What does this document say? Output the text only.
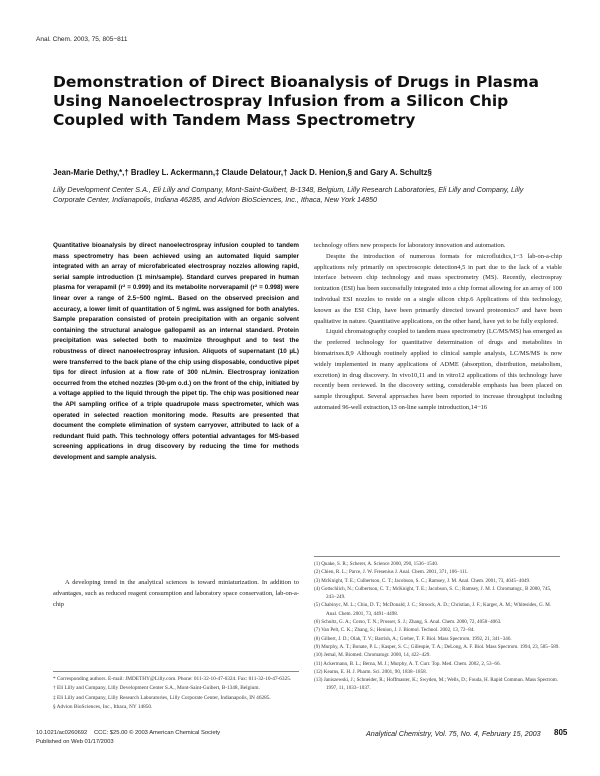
Anal. Chem. 2003, 75, 805−811
Demonstration of Direct Bioanalysis of Drugs in Plasma Using Nanoelectrospray Infusion from a Silicon Chip Coupled with Tandem Mass Spectrometry
Jean-Marie Dethy,*,† Bradley L. Ackermann,‡ Claude Delatour,† Jack D. Henion,§ and Gary A. Schultz§
Lilly Development Center S.A., Eli Lilly and Company, Mont-Saint-Guibert, B-1348, Belgium, Lilly Research Laboratories, Eli Lilly and Company, Lilly Corporate Center, Indianapolis, Indiana 46285, and Advion BioSciences, Inc., Ithaca, New York 14850
Quantitative bioanalysis by direct nanoelectrospray infusion coupled to tandem mass spectrometry has been achieved using an automated liquid sampler integrated with an array of microfabricated electrospray nozzles allowing rapid, serial sample introduction (1 min/sample). Standard curves prepared in human plasma for verapamil (r² = 0.999) and its metabolite norverapamil (r² = 0.998) were linear over a range of 2.5−500 ng/mL. Based on the observed precision and accuracy, a lower limit of quantitation of 5 ng/mL was assigned for both analytes. Sample preparation consisted of protein precipitation with an organic solvent containing the structural analogue gallopamil as an internal standard. Protein precipitation was selected both to maximize throughput and to test the robustness of direct nanoelectrospray infusion. Aliquots of supernatant (10 µL) were transferred to the back plane of the chip using disposable, conductive pipet tips for direct infusion at a flow rate of 300 nL/min. Electrospray ionization occurred from the etched nozzles (30-µm o.d.) on the front of the chip, initiated by a voltage applied to the liquid through the pipet tip. The chip was positioned near the API sampling orifice of a triple quadrupole mass spectrometer, which was operated in selected reaction monitoring mode. Results are presented that document the complete elimination of system carryover, attributed to lack of a redundant fluid path. This technology offers potential advantages for MS-based screening applications in drug discovery by reducing the time for methods development and sample analysis.

A developing trend in the analytical sciences is toward miniaturization. In addition to advantages, such as reduced reagent consumption and laboratory space conservation, lab-on-a-chip

* Corresponding authors. E-mail: JMDETHY@Lilly.com. Phone: 011-32-10-47-6324. Fax: 011-32-10-47-6325.

† Eli Lilly and Company, Lilly Development Center S.A., Mont-Saint-Guibert, B-1348, Belgium.

‡ Eli Lilly and Company, Lilly Research Laboratories, Lilly Corporate Center, Indianapolis, IN 46285.

§ Advion BioSciences, Inc., Ithaca, NY 14850.

technology offers new prospects for laboratory innovation and automation.

Despite the introduction of numerous formats for microfluidics,1−3 lab-on-a-chip applications rely primarily on spectroscopic detection4,5 in part due to the lack of a viable interface between chip technology and mass spectrometry (MS). Recently, electrospray ionization (ESI) has been successfully integrated into a chip format allowing for an array of 100 individual ESI nozzles to reside on a single silicon chip.6 Applications of this technology, known as the ESI Chip, have been primarily directed toward proteomics7 and have been qualitative in nature. Quantitative applications, on the other hand, have yet to be fully explored.

Liquid chromatography coupled to tandem mass spectrometry (LC/MS/MS) has emerged as the preferred technology for quantitative determination of drugs and metabolites in biomatrixes.8,9 Although routinely applied to clinical sample analysis, LC/MS/MS is now widely implemented in many applications of ADME (absorption, distribution, metabolism, excretion) in drug discovery. In vivo10,11 and in vitro12 applications of this technology have recently been reviewed. In the discovery setting, considerable emphasis has been placed on sample throughput. Several approaches have been reported to increase throughput including automated 96-well extraction,13 on-line sample introduction,14−16

(1) Quake, S. R.; Scherer, A. Science 2000, 290, 1536−1540.

(2) Chien, R. L.; Parce, J. W. Fresenius J. Anal. Chem. 2001, 371, 106−111.

(3) McKnight, T. E.; Culbertson, C. T.; Jacobson, S. C.; Ramsey, J. M. Anal. Chem. 2001, 73, 4045−4049.

(4) Gottschlich, N.; Culbertson, C. T.; McKnight, T. E.; Jacobson, S. C.; Ramsey, J. M. J. Chromatogr., B 2000, 745, 243−249.

(5) Chabinyc, M. L.; Chiu, D. T.; McDonald, J. C.; Stroock, A. D.; Christian, J. F.; Karger, A. M.; Whitesides, G. M. Anal. Chem. 2001, 73, 4491−4498.

(6) Schultz, G. A.; Corso, T. N.; Prosser, S. J.; Zhang, S. Anal. Chem. 2000, 72, 4058−4063.

(7) Van Pelt, C. K.; Zhang, S.; Henion, J. J. Biomol. Technol. 2002, 13, 72−84.

(8) Gilbert, J. D.; Olah, T. V.; Barrish, A.; Greber, T. F. Biol. Mass Spectrom. 1992, 21, 341−346.

(9) Murphy, A. T.; Bonate, P. L.; Kasper, S. C.; Gillespie, T. A.; DeLong, A. F. Biol. Mass Spectrom. 1994, 23, 585−589.

(10) Jemal, M. Biomed. Chromatogr. 2000, 14, 422−429.

(11) Ackermann, B. L.; Berna, M. J.; Murphy, A. T. Curr. Top. Med. Chem. 2002, 2, 53−66.

(12) Kearns, E. H. J. Pharm. Sci. 2001, 90, 1838−1858.

(13) Janiszewski, J.; Schneider, R.; Hoffmaster, K.; Swyden, M.; Wells, D.; Fouda, H. Rapid Commun. Mass Spectrom. 1997, 11, 1033−1037.

10.1021/ac0260692 CCC: $25.00 © 2003 American Chemical Society
Published on Web 01/17/2003
Analytical Chemistry, Vol. 75, No. 4, February 15, 2003 805
